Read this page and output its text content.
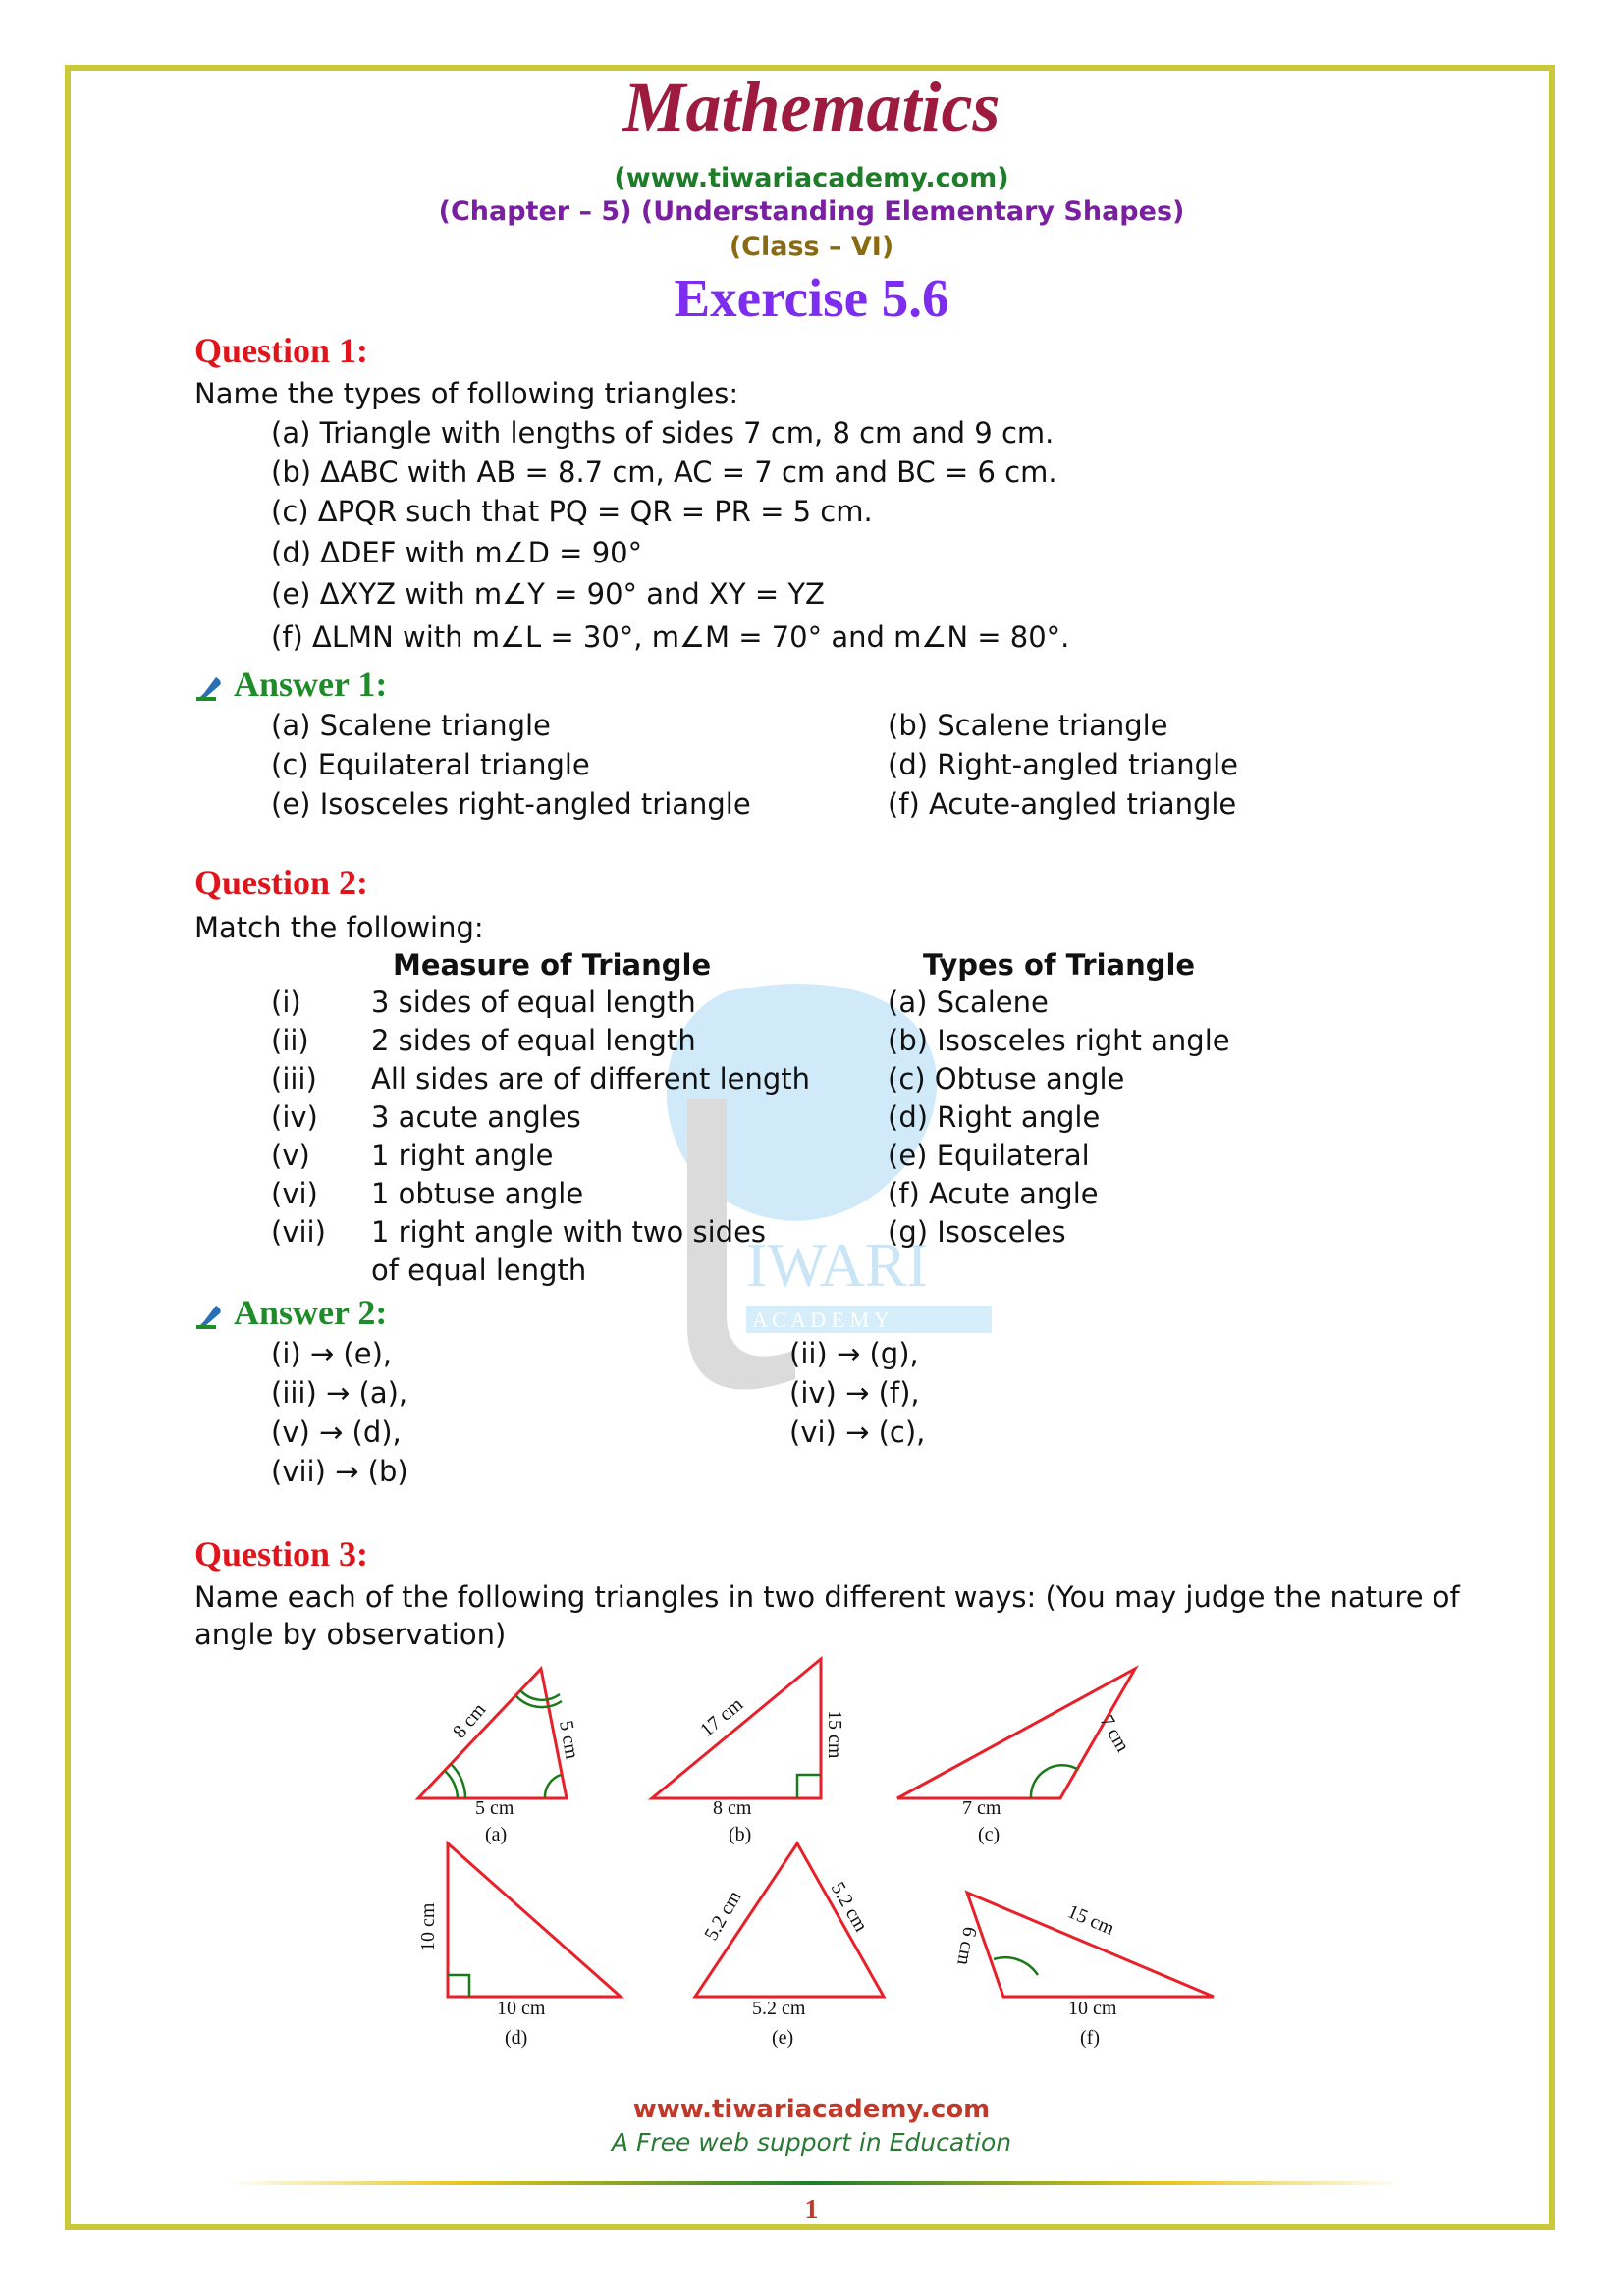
IWARI
A C A D E M Y
Mathematics
(www.tiwariacademy.com)
(Chapter – 5) (Understanding Elementary Shapes)
(Class – VI)
Exercise 5.6
Question 1:
Name the types of following triangles:
(a) Triangle with lengths of sides 7 cm, 8 cm and 9 cm.
(b) ΔABC with AB = 8.7 cm, AC = 7 cm and BC = 6 cm.
(c) ΔPQR such that PQ = QR = PR = 5 cm.
(d) ΔDEF with m∠D = 90°
(e) ΔXYZ with m∠Y = 90° and XY = YZ
(f) ΔLMN with m∠L = 30°, m∠M = 70° and m∠N = 80°.
Answer 1:
(a) Scalene triangle	(b) Scalene triangle
(c) Equilateral triangle	(d) Right-angled triangle
(e) Isosceles right-angled triangle	(f) Acute-angled triangle
Question 2:
Match the following:
Measure of Triangle	Types of Triangle
(i) 3 sides of equal length	(a) Scalene
(ii) 2 sides of equal length	(b) Isosceles right angle
(iii) All sides are of different length	(c) Obtuse angle
(iv) 3 acute angles	(d) Right angle
(v) 1 right angle	(e) Equilateral
(vi) 1 obtuse angle	(f) Acute angle
(vii) 1 right angle with two sides	(g) Isosceles
of equal length
Answer 2:
(i) → (e),	(ii) → (g),
(iii) → (a),	(iv) → (f),
(v) → (d),	(vi) → (c),
(vii) → (b)
Question 3:
Name each of the following triangles in two different ways: (You may judge the nature of
angle by observation)
8 cm	5 cm
5 cm
(a)
17 cm	15 cm
8 cm
(b)
7 cm
7 cm
(c)
10 cm
10 cm
(d)
5.2 cm	5.2 cm
5.2 cm
(e)
15 cm
6 cm
10 cm
(f)
www.tiwariacademy.com
A Free web support in Education
1
